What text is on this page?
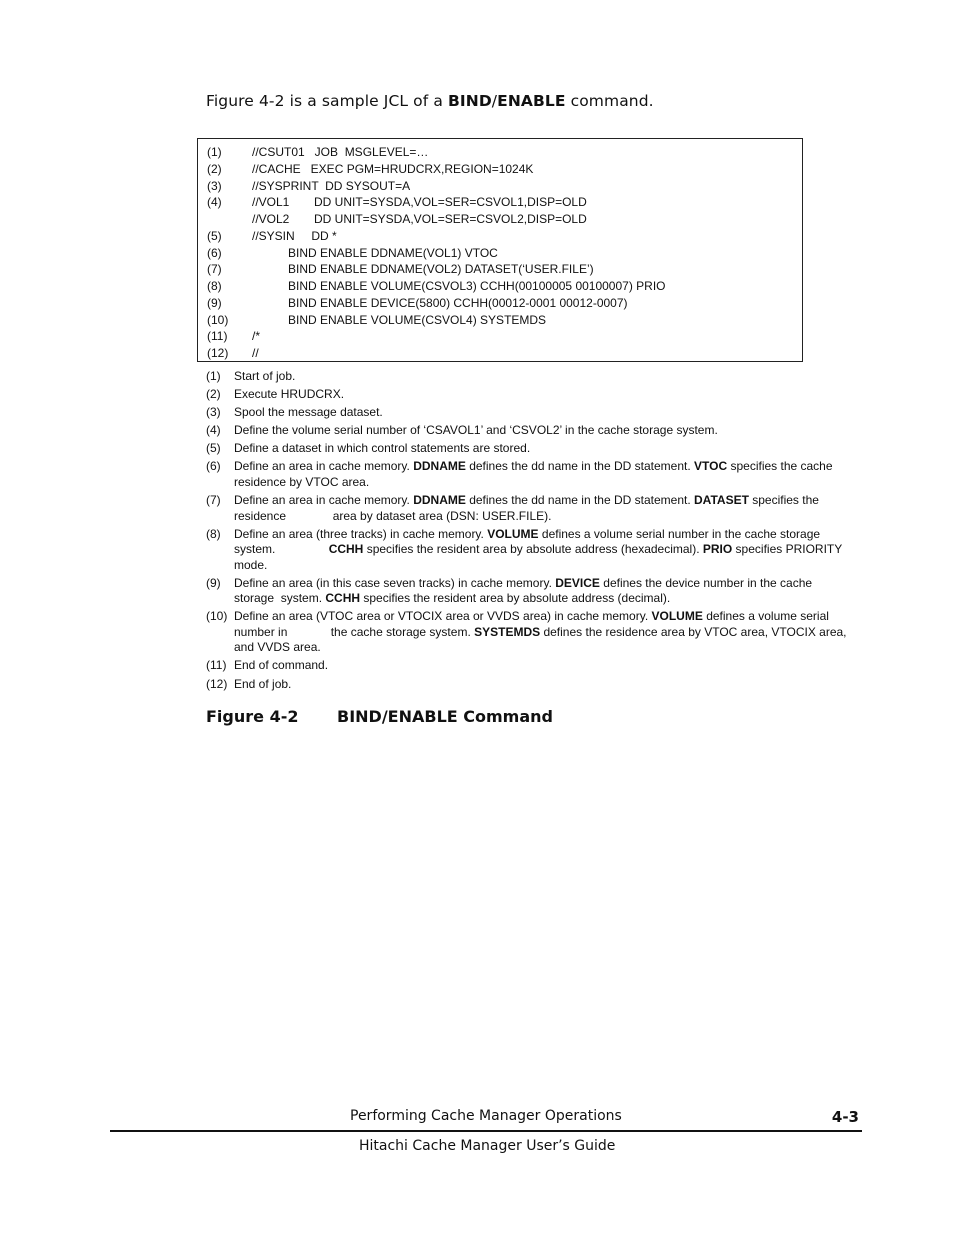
Figure 4-2 is a sample JCL of a BIND/ENABLE command.
(1)	//CSUT01   JOB  MSGLEVEL=…
(2)	//CACHE   EXEC PGM=HRUDCRX,REGION=1024K
(3)	//SYSPRINT  DD SYSOUT=A
(4)	//VOL1 DD UNIT=SYSDA,VOL=SER=CSVOL1,DISP=OLD
//VOL2 DD UNIT=SYSDA,VOL=SER=CSVOL2,DISP=OLD
(5)	//SYSIN     DD *
(6)	BIND ENABLE DDNAME(VOL1) VTOC
(7)	BIND ENABLE DDNAME(VOL2) DATASET(‘USER.FILE’)
(8)	BIND ENABLE VOLUME(CSVOL3) CCHH(00100005 00100007) PRIO
(9)	BIND ENABLE DEVICE(5800) CCHH(00012-0001 00012-0007)
(10)	BIND ENABLE VOLUME(CSVOL4) SYSTEMDS
(11) /*
(12) //
(1) Start of job.
(2) Execute HRUDCRX.
(3) Spool the message dataset.
(4) Define the volume serial number of ‘CSAVOL1’ and ‘CSVOL2’ in the cache storage system.
(5) Define a dataset in which control statements are stored.
(6) Define an area in cache memory. DDNAME defines the dd name in the DD statement. VTOC specifies the cache    residence by VTOC area.
(7) Define an area in cache memory. DDNAME defines the dd name in the DD statement. DATASET specifies the residence              area by dataset area (DSN: USER.FILE).
(8) Define an area (three tracks) in cache memory. VOLUME defines a volume serial number in the cache storage system.                CCHH specifies the resident area by absolute address (hexadecimal). PRIO specifies PRIORITY mode.
(9) Define an area (in this case seven tracks) in cache memory. DEVICE defines the device number in the cache storage  system. CCHH specifies the resident area by absolute address (decimal).
(10) Define an area (VTOC area or VTOCIX area or VVDS area) in cache memory. VOLUME defines a volume serial number in             the cache storage system. SYSTEMDS defines the residence area by VTOC area, VTOCIX area, and VVDS area.
(11) End of command.
(12) End of job.
Figure 4-2 BIND/ENABLE Command
Performing Cache Manager Operations	4-3
Hitachi Cache Manager User’s Guide
